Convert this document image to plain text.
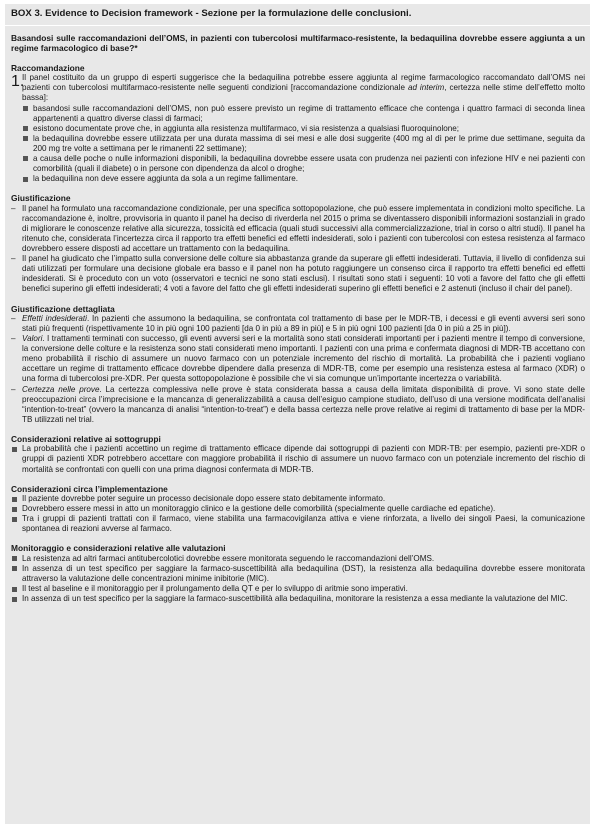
BOX 3. Evidence to Decision framework - Sezione per la formulazione delle conclusioni.

Basandosi sulle raccomandazioni dell’OMS, in pazienti con tubercolosi multifarmaco-resistente, la bedaquilina dovrebbe essere aggiunta a un regime farmacologico di base?*

Raccomandazione
1.

Il panel costituito da un gruppo di esperti suggerisce che la bedaquilina potrebbe essere aggiunta al regime farmacologico raccomandato dall’OMS nei pazienti con tubercolosi multifarmaco-resistente nelle seguenti condizioni [raccomandazione condizionale ad interim, certezza nelle stime dell’effetto molto bassa]:

basandosi sulle raccomandazioni dell’OMS, non può essere previsto un regime di trattamento efficace che contenga i quattro farmaci di seconda linea appartenenti a quattro diverse classi di farmaci;
esistono documentate prove che, in aggiunta alla resistenza multifarmaco, vi sia resistenza a qualsiasi fluoroquinolone;
la bedaquilina dovrebbe essere utilizzata per una durata massima di sei mesi e alle dosi suggerite (400 mg al dì per le prime due settimane, seguita da 200 mg tre volte a settimana per le rimanenti 22 settimane);
a causa delle poche o nulle informazioni disponibili, la bedaquilina dovrebbe essere usata con prudenza nei pazienti con infezione HIV e nei pazienti con comorbilità (quali il diabete) o in persone con dipendenza da alcol o droghe;
la bedaquilina non deve essere aggiunta da sola a un regime fallimentare.
Giustificazione
– Il panel ha formulato una raccomandazione condizionale, per una specifica sottopopolazione, che può essere implementata in condizioni molto specifiche. La raccomandazione è, inoltre, provvisoria in quanto il panel ha deciso di riverderla nel 2015 o prima se diventassero disponibili informazioni sostanziali in grado di migliorare le conoscenze relative alla sicurezza, tossicità ed efficacia (quali studi successivi alla commercializzazione, trial in corso o altri studi). Il panel ha ritenuto che, considerata l’incertezza circa il rapporto tra effetti benefici ed effetti indesiderati, solo i pazienti con tubercolosi con estesa resistenza al farmaco dovrebbero essere disposti ad accettare un trattamento con la bedaquilina.
– Il panel ha giudicato che l’impatto sulla conversione delle colture sia abbastanza grande da superare gli effetti indesiderati. Tuttavia, il livello di confidenza sui dati utilizzati per formulare una decisione globale era basso e il panel non ha potuto raggiungere un consenso circa il rapporto tra effetti benefici ed effetti indesiderati. Si è proceduto con un voto (osservatori e tecnici ne sono stati esclusi). I risultati sono stati i seguenti: 10 voti a favore del fatto che gli effetti benefici superino gli effetti indesiderati; 4 voti a favore del fatto che gli effetti indesiderati superino gli effetti benefici e 2 astenuti (incluso il chair del panel).
Giustificazione dettagliata
– Effetti indesiderati. In pazienti che assumono la bedaquilina, se confrontata col trattamento di base per le MDR-TB, i decessi e gli eventi avversi seri sono stati più frequenti (rispettivamente 10 in più ogni 100 pazienti [da 0 in più a 89 in più] e 5 in più ogni 100 pazienti [da 0 in più a 25 in più]).
– Valori. I trattamenti terminati con successo, gli eventi avversi seri e la mortalità sono stati considerati importanti per i pazienti mentre il tempo di conversione, la conversione delle colture e la resistenza sono stati considerati meno importanti. I pazienti con una prima e confermata diagnosi di MDR-TB accettano con meno probabilità il rischio di assumere un nuovo farmaco con un potenziale incremento del rischio di mortalità. La probabilità che i pazienti vogliano accettare un regime di trattamento efficace dovrebbe dipendere dalla presenza di MDR-TB, come per esempio una resistenza estesa al farmaco (XDR) o una forma di tubercolosi pre-XDR. Per questa sottopopolazione è possibile che vi sia comunque un’importante incertezza o variabilità.
– Certezza nelle prove. La certezza complessiva nelle prove è stata considerata bassa a causa della limitata disponibilità di prove. Vi sono state delle preoccupazioni circa l’imprecisione e la mancanza di generalizzabilità a causa dell’esiguo campione studiato, dell’uso di una versione modificata dell’analisi “intention-to-treat” (ovvero la mancanza di analisi “intention-to-treat”) e della bassa certezza nelle prove relative ai regimi di trattamento di base per la MDR-TB utilizzati nel trial.
Considerazioni relative ai sottogruppi
La probabilità che i pazienti accettino un regime di trattamento efficace dipende dai sottogruppi di pazienti con MDR-TB: per esempio, pazienti pre-XDR o gruppi di pazienti XDR potrebbero accettare con maggiore probabilità il rischio di assumere un nuovo farmaco con un potenziale incremento del rischio di mortalità se confrontati con quelli con una prima diagnosi confermata di MDR-TB.
Considerazioni circa l’implementazione
Il paziente dovrebbe poter seguire un processo decisionale dopo essere stato debitamente informato.
Dovrebbero essere messi in atto un monitoraggio clinico e la gestione delle comorbilità (specialmente quelle cardiache ed epatiche).
Tra i gruppi di pazienti trattati con il farmaco, viene stabilita una farmacovigilanza attiva e viene rinforzata, a livello dei singoli Paesi, la comunicazione spontanea di reazioni avverse al farmaco.
Monitoraggio e considerazioni relative alle valutazioni
La resistenza ad altri farmaci antitubercolotici dovrebbe essere monitorata seguendo le raccomandazioni dell’OMS.
In assenza di un test specifico per saggiare la farmaco-suscettibilità alla bedaquilina (DST), la resistenza alla bedaquilina dovrebbe essere monitorata attraverso la valutazione delle concentrazioni minime inibitorie (MIC).
Il test al baseline e il monitoraggio per il prolungamento della QT e per lo sviluppo di aritmie sono imperativi.
In assenza di un test specifico per la saggiare la farmaco-suscettibilità alla bedaquilina, monitorare la resistenza a essa mediante la valutazione del MIC.
